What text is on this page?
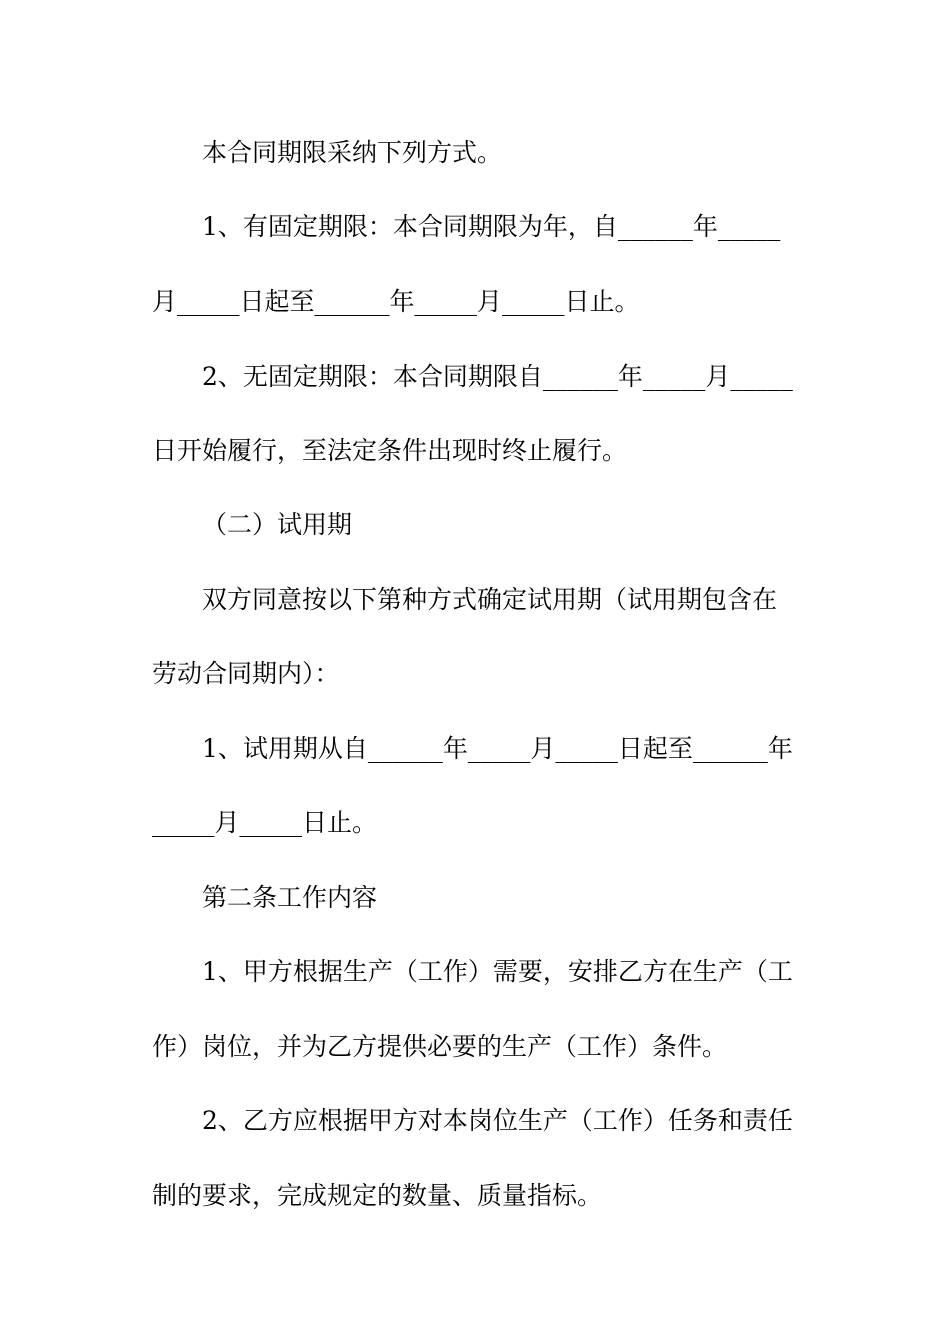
本合同期限采纳下列方式。
1、有固定期限：本合同期限为年，自______年_____
月_____日起至______年_____月_____日止。
2、无固定期限：本合同期限自______年_____月_____
日开始履行，至法定条件出现时终止履行。
（二）试用期
双方同意按以下第种方式确定试用期（试用期包含在
劳动合同期内）：
1、试用期从自______年_____月_____日起至______年
_____月_____日止。
第二条工作内容
1、甲方根据生产（工作）需要，安排乙方在生产（工
作）岗位，并为乙方提供必要的生产（工作）条件。
2、乙方应根据甲方对本岗位生产（工作）任务和责任
制的要求，完成规定的数量、质量指标。
